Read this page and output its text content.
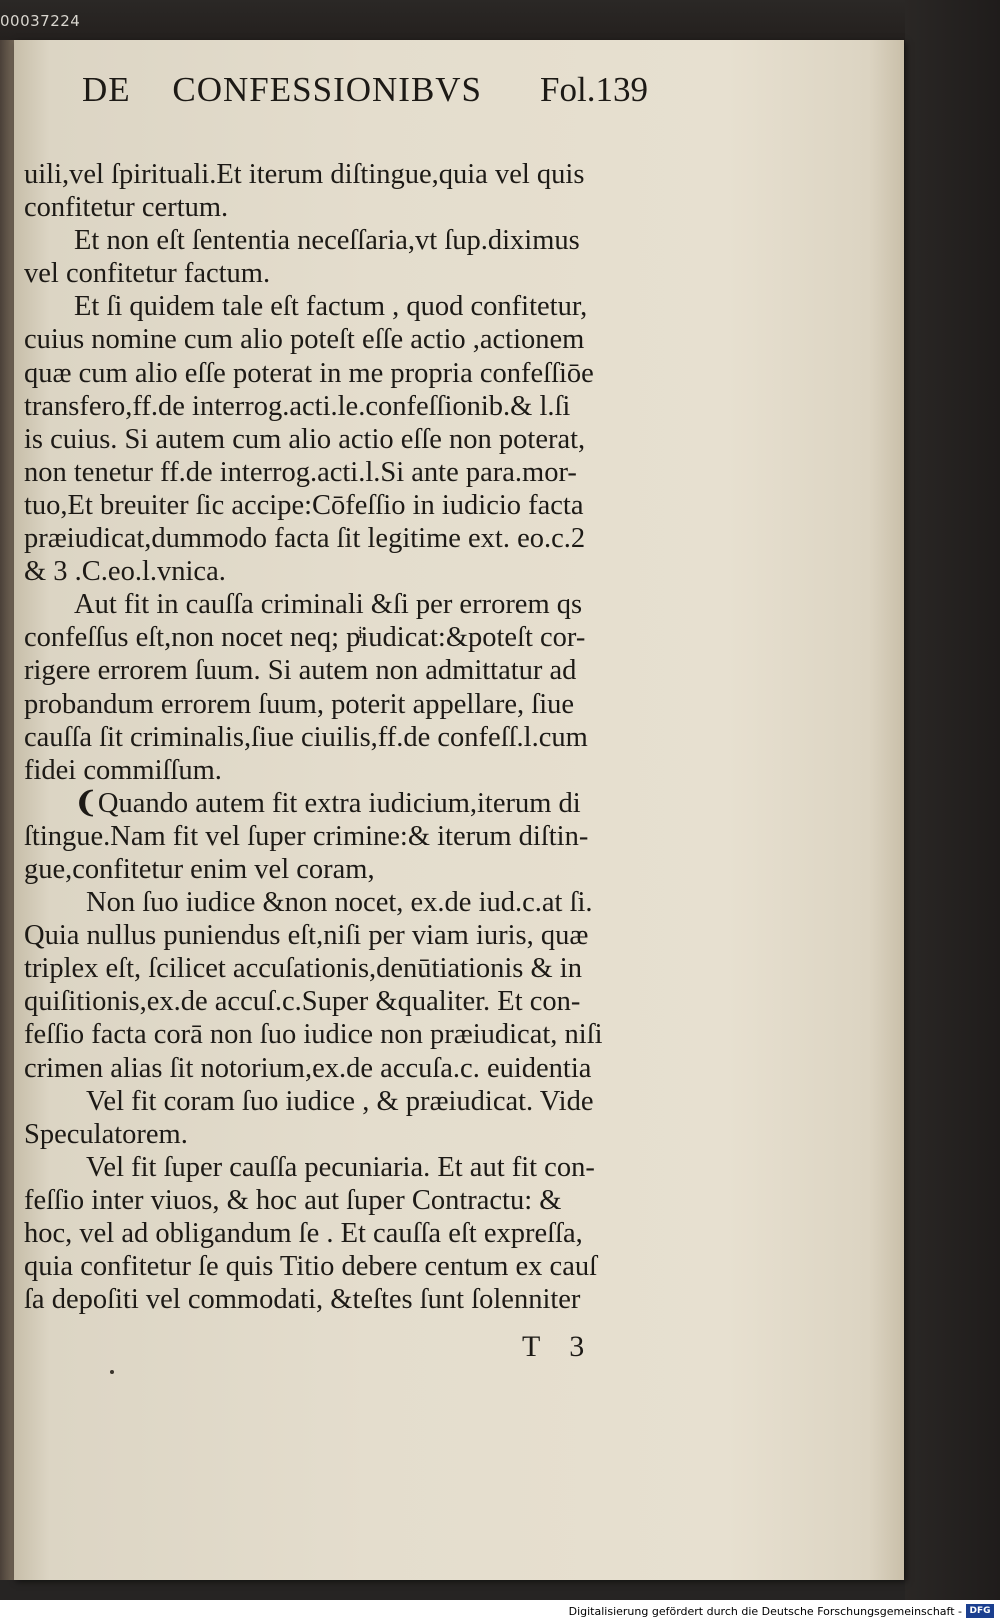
00037224
DE CONFESSIONIBVS Fol.139
uili,vel ſpirituali.Et iterum diſtingue,quia vel quis
confitetur certum.
Et non eſt ſententia neceſſaria,vt ſup.diximus
vel confitetur factum.
Et ſi quidem tale eſt factum , quod confitetur,
cuius nomine cum alio poteſt eſſe actio ,actionem
quæ cum alio eſſe poterat in me propria confeſſiōe
transfero,ff.de interrog.acti.le.confeſſionib.& l.ſi
is cuius. Si autem cum alio actio eſſe non poterat,
non tenetur ff.de interrog.acti.l.Si ante para.mor-
tuo,Et breuiter ſic accipe:Cōfeſſio in iudicio facta
præiudicat,dummodo facta ſit legitime ext. eo.c.2
& 3 .C.eo.l.vnica.
Aut fit in cauſſa criminali &ſi per errorem qs
confeſſus eſt,non nocet neq; pͥiudicat:&poteſt cor-
rigere errorem ſuum. Si autem non admittatur ad
probandum errorem ſuum, poterit appellare, ſiue
cauſſa ſit criminalis,ſiue ciuilis,ff.de confeſſ.l.cum
fidei commiſſum.
❨Quando autem fit extra iudicium,iterum di
ſtingue.Nam fit vel ſuper crimine:& iterum diſtin-
gue,confitetur enim vel coram,
Non ſuo iudice &non nocet, ex.de iud.c.at ſi.
Quia nullus puniendus eſt,niſi per viam iuris, quæ
triplex eſt, ſcilicet accuſationis,denūtiationis & in
quiſitionis,ex.de accuſ.c.Super &qualiter. Et con-
feſſio facta corā non ſuo iudice non præiudicat, niſi
crimen alias ſit notorium,ex.de accuſa.c. euidentia
Vel fit coram ſuo iudice , & præiudicat. Vide
Speculatorem.
Vel fit ſuper cauſſa pecuniaria. Et aut fit con-
feſſio inter viuos, & hoc aut ſuper Contractu: &
hoc, vel ad obligandum ſe . Et cauſſa eſt expreſſa,
quia confitetur ſe quis Titio debere centum ex cauſ
ſa depoſiti vel commodati, &teſtes ſunt ſolenniter
T 3
Digitalisierung gefördert durch die Deutsche Forschungsgemeinschaft - DFG
